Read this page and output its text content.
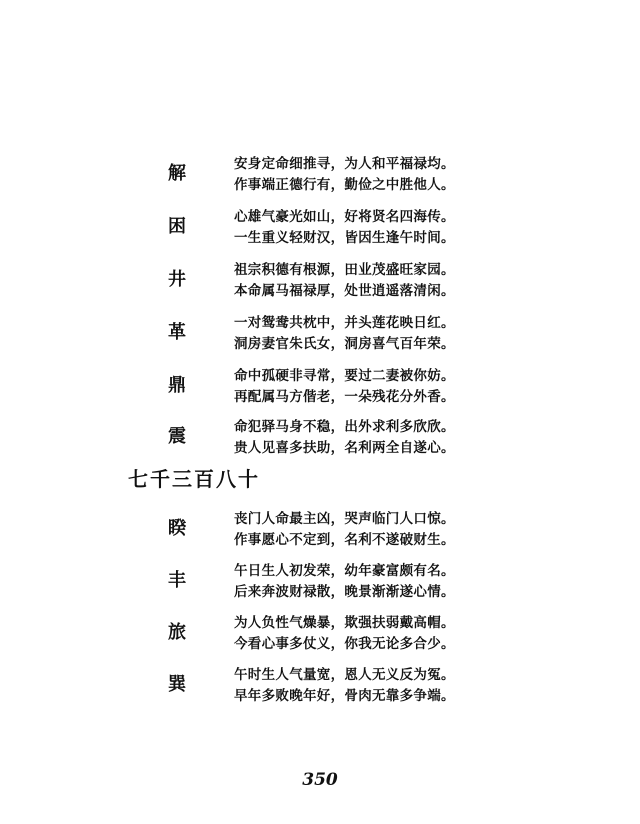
解	安身定命细推寻，为人和平福禄均。
作事端正德行有，勤俭之中胜他人。
困	心雄气豪光如山，好将贤名四海传。
一生重义轻财汉，皆因生逢午时间。
井	祖宗积德有根源，田业茂盛旺家园。
本命属马福禄厚，处世逍遥落清闲。
革	一对鸳鸯共枕中，并头莲花映日红。
洞房妻官朱氏女，洞房喜气百年荣。
鼎	命中孤硬非寻常，要过二妻被你妨。
再配属马方偕老，一朵残花分外香。
震	命犯驿马身不稳，出外求利多欣欣。
贵人见喜多扶助，名利两全自遂心。
七千三百八十
睽	丧门人命最主凶，哭声临门人口惊。
作事愿心不定到，名利不遂破财生。
丰	午日生人初发荣，幼年豪富颇有名。
后来奔波财禄散，晚景渐渐遂心情。
旅	为人负性气燥暴，欺强扶弱戴高帽。
今看心事多仗义，你我无论多合少。
巽	午时生人气量宽，恩人无义反为冤。
早年多败晚年好，骨肉无靠多争端。
350
